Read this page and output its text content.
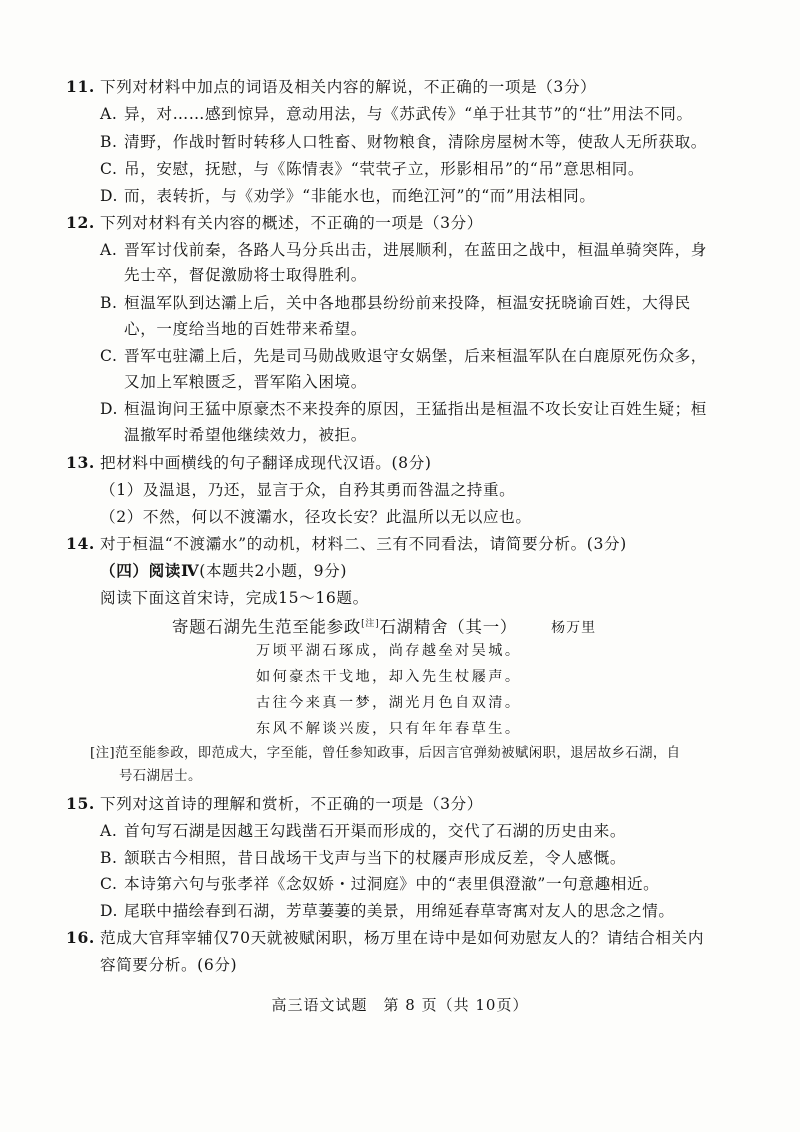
11. 下列对材料中加点的词语及相关内容的解说，不正确的一项是（3分）
A. 异，对……感到惊异，意动用法，与《苏武传》“单于壮其节”的“壮”用法不同。
B. 清野，作战时暂时转移人口牲畜、财物粮食，清除房屋树木等，使敌人无所获取。
C. 吊，安慰，抚慰，与《陈情表》“茕茕孑立，形影相吊”的“吊”意思相同。
D. 而，表转折，与《劝学》“非能水也，而绝江河”的“而”用法相同。
12. 下列对材料有关内容的概述，不正确的一项是（3分）
A. 晋军讨伐前秦，各路人马分兵出击，进展顺利，在蓝田之战中，桓温单骑突阵，身
先士卒，督促激励将士取得胜利。
B. 桓温军队到达灞上后，关中各地郡县纷纷前来投降，桓温安抚晓谕百姓，大得民
心，一度给当地的百姓带来希望。
C. 晋军屯驻灞上后，先是司马勋战败退守女娲堡，后来桓温军队在白鹿原死伤众多，
又加上军粮匮乏，晋军陷入困境。
D. 桓温询问王猛中原豪杰不来投奔的原因，王猛指出是桓温不攻长安让百姓生疑；桓
温撤军时希望他继续效力，被拒。
13. 把材料中画横线的句子翻译成现代汉语。(8分)
（1）及温退，乃还，显言于众，自矜其勇而咎温之持重。
（2）不然，何以不渡灞水，径攻长安？此温所以无以应也。
14. 对于桓温“不渡灞水”的动机，材料二、三有不同看法，请简要分析。(3分)
（四）阅读Ⅳ(本题共2小题，9分)
阅读下面这首宋诗，完成15～16题。
寄题石湖先生范至能参政[注]石湖精舍（其一） 杨万里
万顷平湖石琢成，尚存越垒对吴城。
如何豪杰干戈地，却入先生杖屦声。
古往今来真一梦，湖光月色自双清。
东风不解谈兴废，只有年年春草生。
[注]范至能参政，即范成大，字至能，曾任参知政事，后因言官弹劾被赋闲职，退居故乡石湖，自
号石湖居士。
15. 下列对这首诗的理解和赏析，不正确的一项是（3分）
A. 首句写石湖是因越王勾践凿石开渠而形成的，交代了石湖的历史由来。
B. 颔联古今相照，昔日战场干戈声与当下的杖屦声形成反差，令人感慨。
C. 本诗第六句与张孝祥《念奴娇・过洞庭》中的“表里俱澄澈”一句意趣相近。
D. 尾联中描绘春到石湖，芳草萋萋的美景，用绵延春草寄寓对友人的思念之情。
16. 范成大官拜宰辅仅70天就被赋闲职，杨万里在诗中是如何劝慰友人的？请结合相关内
容简要分析。(6分)
高三语文试题　第 8 页（共 10页）
